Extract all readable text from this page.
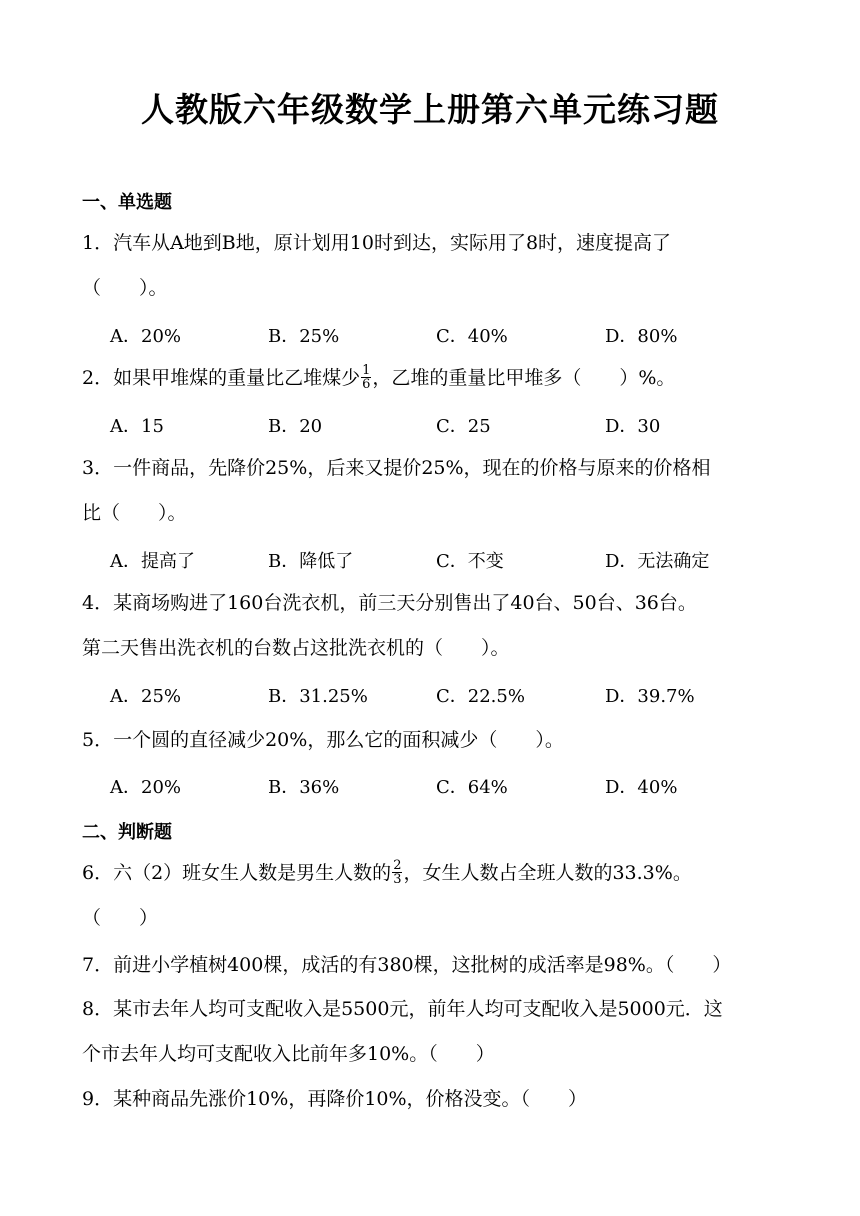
人教版六年级数学上册第六单元练习题
一、单选题
1．汽车从A地到B地，原计划用10时到达，实际用了8时，速度提高了
（　　）。
A．20%	B．25%	C．40%	D．80%
2．如果甲堆煤的重量比乙堆煤少 $\frac{1}{6}$ ，乙堆的重量比甲堆多（　　）%。
A．15	B．20	C．25	D．30
3．一件商品，先降价25%，后来又提价25%，现在的价格与原来的价格相
比（　　）。
A．提高了	B．降低了	C．不变	D．无法确定
4．某商场购进了160台洗衣机，前三天分别售出了40台、50台、36台。
第二天售出洗衣机的台数占这批洗衣机的（　　）。
A．25%	B．31.25%	C．22.5%	D．39.7%
5．一个圆的直径减少20%，那么它的面积减少（　　）。
A．20%	B．36%	C．64%	D．40%
二、判断题
6．六（2）班女生人数是男生人数的 $\frac{2}{3}$ ，女生人数占全班人数的33.3%。
（　　）
7．前进小学植树400棵，成活的有380棵，这批树的成活率是98%。（　　）
8．某市去年人均可支配收入是5500元，前年人均可支配收入是5000元．这
个市去年人均可支配收入比前年多10%。（　　）
9．某种商品先涨价10%，再降价10%，价格没变。（　　）
